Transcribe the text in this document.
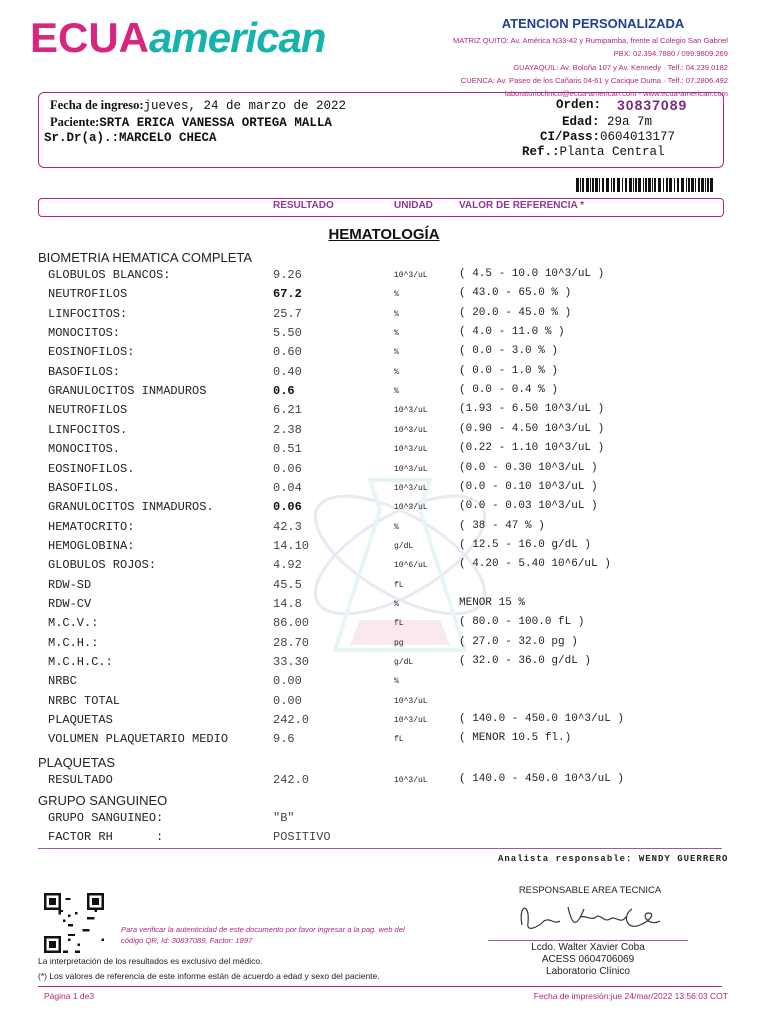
ECUAamerican	ATENCION PERSONALIZADA
MATRIZ QUITO: Av. América N33-42 y Rumipamba, frente al Colegio San Gabriel
PBX: 02.394.7880 / 099.9809.269
GUAYAQUIL: Av. Boloña 107 y Av. Kennedy · Telf.: 04.239.0182
CUENCA: Av. Paseo de los Cañaris 04-61 y Cacique Duma · Telf.: 07.2806.492
laboratorioclinico@ecua-american.com - www.ecua-american.com
Fecha de ingreso:jueves, 24 de marzo de 2022
Paciente:SRTA ERICA VANESSA ORTEGA MALLA
Sr.Dr(a).:MARCELO CHECA
Orden: 30837089
Edad: 29a 7m
CI/Pass:0604013177
Ref.:Planta Central
RESULTADO	UNIDAD	VALOR DE REFERENCIA *
HEMATOLOGÍA
BIOMETRIA HEMATICA COMPLETA
GLOBULOS BLANCOS:	9.26	10^3/uL	( 4.5 - 10.0 10^3/uL )
NEUTROFILOS	67.2	%	( 43.0 - 65.0 % )
LINFOCITOS:	25.7	%	( 20.0 - 45.0 % )
MONOCITOS:	5.50	%	( 4.0 - 11.0 % )
EOSINOFILOS:	0.60	%	( 0.0 - 3.0 % )
BASOFILOS:	0.40	%	( 0.0 - 1.0 % )
GRANULOCITOS INMADUROS	0.6	%	( 0.0 - 0.4 % )
NEUTROFILOS	6.21	10^3/uL	(1.93 - 6.50 10^3/uL )
LINFOCITOS.	2.38	10^3/uL	(0.90 - 4.50 10^3/uL )
MONOCITOS.	0.51	10^3/uL	(0.22 - 1.10 10^3/uL )
EOSINOFILOS.	0.06	10^3/uL	(0.0 - 0.30 10^3/uL )
BASOFILOS.	0.04	10^3/uL	(0.0 - 0.10 10^3/uL )
GRANULOCITOS INMADUROS.	0.06	10^3/uL	(0.0 - 0.03 10^3/uL )
HEMATOCRITO:	42.3	%	( 38 - 47 % )
HEMOGLOBINA:	14.10	g/dL	( 12.5 - 16.0 g/dL )
GLOBULOS ROJOS:	4.92	10^6/uL	( 4.20 - 5.40 10^6/uL )
RDW-SD	45.5	fL
RDW-CV	14.8	%	MENOR 15 %
M.C.V.:	86.00	fL	( 80.0 - 100.0 fL )
M.C.H.:	28.70	pg	( 27.0 - 32.0 pg )
M.C.H.C.:	33.30	g/dL	( 32.0 - 36.0 g/dL )
NRBC	0.00	%
NRBC TOTAL	0.00	10^3/uL
PLAQUETAS	242.0	10^3/uL	( 140.0 - 450.0 10^3/uL )
VOLUMEN PLAQUETARIO MEDIO	9.6	fL	( MENOR 10.5 fl.)
PLAQUETAS
RESULTADO	242.0	10^3/uL	( 140.0 - 450.0 10^3/uL )
GRUPO SANGUINEO
GRUPO SANGUINEO:	"B"
FACTOR RH      :	POSITIVO
Analista responsable: WENDY GUERRERO
Para verificar la autenticidad de este documento por favor ingresar a la pag. web del código QR, Id: 30837089, Factor: 1897
La interpretación de los resultados es exclusivo del médico.
(*) Los valores de referencia de este informe están de acuerdo a edad y sexo del paciente.
RESPONSABLE AREA TECNICA
Lcdo. Walter Xavier Coba
ACESS 0604706069
Laboratorio Clínico
Página 1 de3	Fecha de impresión:jue 24/mar/2022 13:56:03 COT
